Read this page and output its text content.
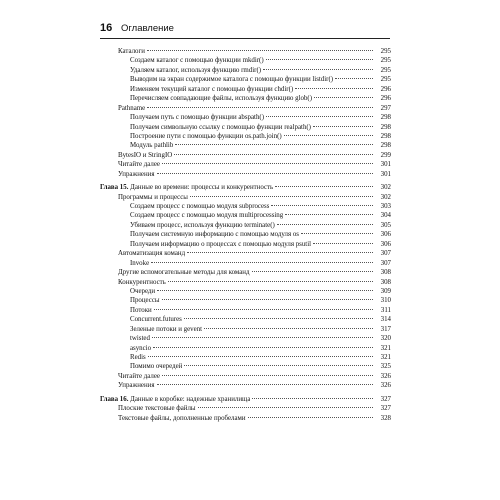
16 Оглавление
Каталоги	295
Создаем каталог с помощью функции mkdir()	295
Удаляем каталог, используя функцию rmdir()	295
Выводим на экран содержимое каталога с помощью функции listdir()	295
Изменяем текущий каталог с помощью функции chdir()	296
Перечисляем совпадающие файлы, используя функцию glob()	296
Pathname	297
Получаем путь с помощью функции abspath()	298
Получаем символьную ссылку с помощью функции realpath()	298
Построение пути с помощью функции os.path.join()	298
Модуль pathlib	298
BytesIO и StringIO	299
Читайте далее	301
Упражнения	301
Глава 15. Данные во времени: процессы и конкурентность	302
Программы и процессы	302
Создаем процесс с помощью модуля subprocess	303
Создаем процесс с помощью модуля multiprocessing	304
Убиваем процесс, используя функцию terminate()	305
Получаем системную информацию с помощью модуля os	306
Получаем информацию о процессах с помощью модуля psutil	306
Автоматизация команд	307
Invoke	307
Другие вспомогательные методы для команд	308
Конкурентность	308
Очереди	309
Процессы	310
Потоки	311
Concurrent.futures	314
Зеленые потоки и gevent	317
twisted	320
asyncio	321
Redis	321
Помимо очередей	325
Читайте далее	326
Упражнения	326
Глава 16. Данные в коробке: надежные хранилища	327
Плоские текстовые файлы	327
Текстовые файлы, дополненные пробелами	328
